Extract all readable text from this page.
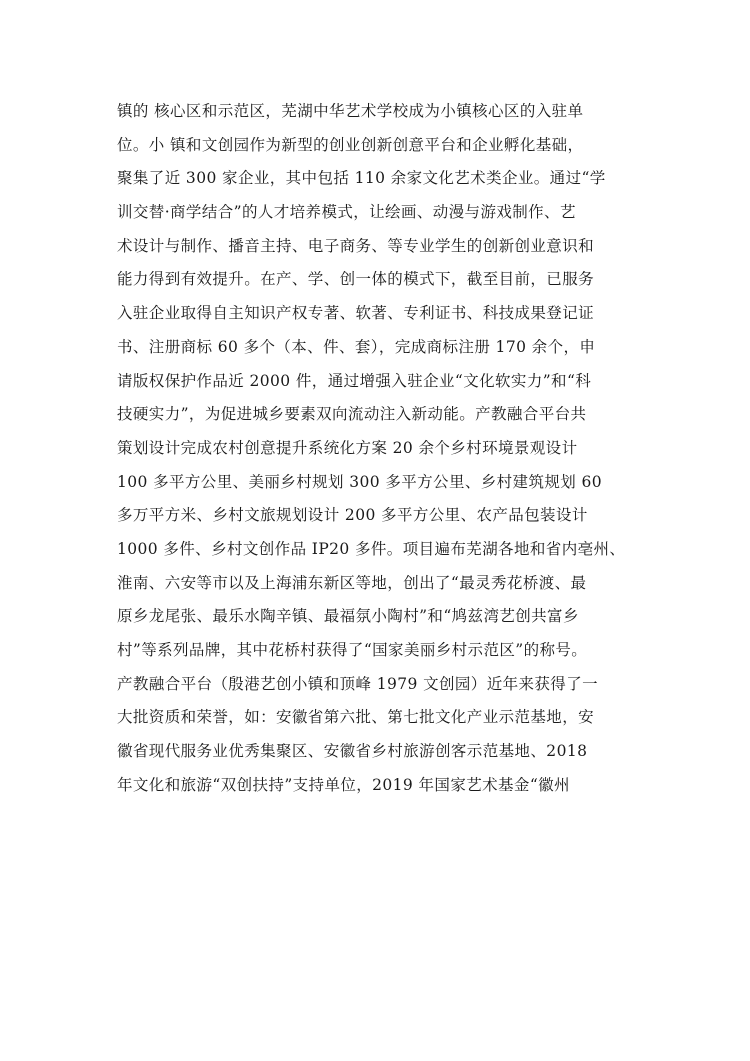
镇的 核心区和示范区，芜湖中华艺术学校成为小镇核心区的入驻单
位。小 镇和文创园作为新型的创业创新创意平台和企业孵化基础，
聚集了近 300 家企业，其中包括 110 余家文化艺术类企业。通过“学
训交替·商学结合”的人才培养模式，让绘画、动漫与游戏制作、艺
术设计与制作、播音主持、电子商务、等专业学生的创新创业意识和
能力得到有效提升。在产、学、创一体的模式下，截至目前，已服务
入驻企业取得自主知识产权专著、软著、专利证书、科技成果登记证
书、注册商标 60 多个（本、件、套），完成商标注册 170 余个，申
请版权保护作品近 2000 件，通过增强入驻企业“文化软实力”和“科
技硬实力”，为促进城乡要素双向流动注入新动能。产教融合平台共
策划设计完成农村创意提升系统化方案 20 余个乡村环境景观设计
100 多平方公里、美丽乡村规划 300 多平方公里、乡村建筑规划 60
多万平方米、乡村文旅规划设计 200 多平方公里、农产品包装设计
1000 多件、乡村文创作品 IP20 多件。项目遍布芜湖各地和省内亳州、
淮南、六安等市以及上海浦东新区等地，创出了“最灵秀花桥渡、最
原乡龙尾张、最乐水陶辛镇、最福氛小陶村”和“鸠兹湾艺创共富乡
村”等系列品牌，其中花桥村获得了“国家美丽乡村示范区”的称号。
产教融合平台（殷港艺创小镇和顶峰 1979 文创园）近年来获得了一
大批资质和荣誉，如：安徽省第六批、第七批文化产业示范基地，安
徽省现代服务业优秀集聚区、安徽省乡村旅游创客示范基地、2018
年文化和旅游“双创扶持”支持单位，2019 年国家艺术基金“徽州
